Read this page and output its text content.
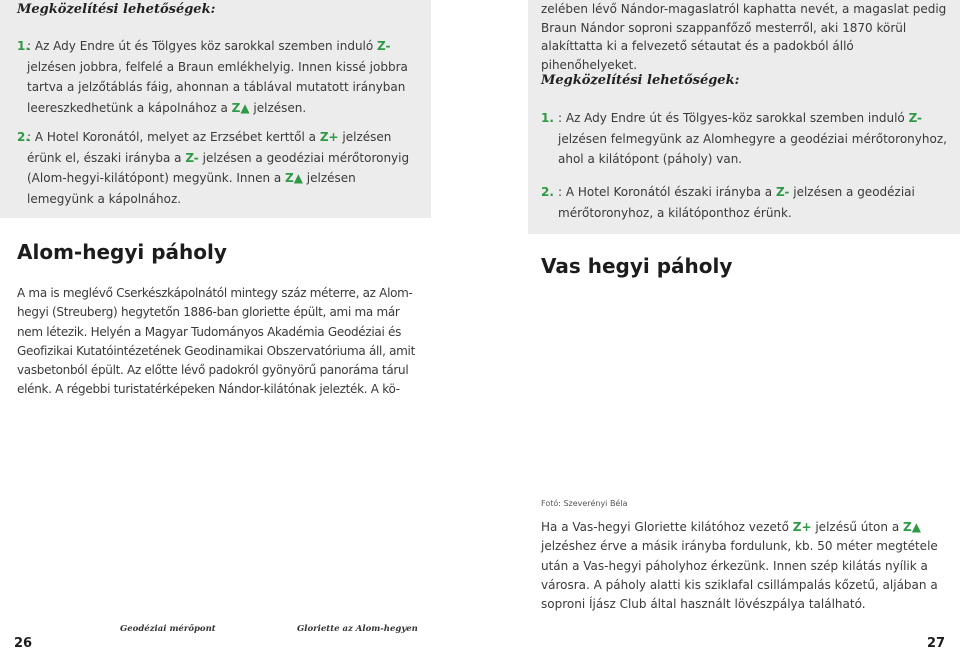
Megközelítési lehetőségek:
1.
: Az Ady Endre út és Tölgyes köz sarokkal szemben induló Z- jelzésen jobbra, felfelé a Braun emlékhelyig. Innen kissé jobbra tartva a jelzőtáblás fáig, ahonnan a táblával mutatott irányban leereszkedhetünk a kápolnához a Z▲ jelzésen.
2.
: A Hotel Koronától, melyet az Erzsébet kerttől a Z+ jelzésen érünk el, északi irányba a Z- jelzésen a geodéziai mérőtoronyig (Alom-hegyi-kilátópont) megyünk. Innen a Z▲ jelzésen lemegyünk a kápolnához.
Alom-hegyi páholy
A ma is meglévő Cserkészkápolnától mintegy száz méterre, az Alom-hegyi (Streuberg) hegytetőn 1886-ban gloriette épült, ami ma már nem létezik. Helyén a Magyar Tudományos Akadémia Geodéziai és Geofizikai Kutatóintézetének Geodinamikai Obszervatóriuma áll, amit vasbetonból épült. Az előtte lévő padokról gyönyörű panoráma tárul elénk. A régebbi turistatérképeken Nándor-kilátónak jelezték. A kö-
26
Geodéziai mérőpont	Gloriette az Alom-hegyen
zelében lévő Nándor-magaslatról kaphatta nevét, a magaslat pedig Braun Nándor soproni szappanfőző mesterről, aki 1870 körül alakíttatta ki a felvezető sétautat és a padokból álló pihenőhelyeket.
Megközelítési lehetőségek:
1. : Az Ady Endre út és Tölgyes-köz sarokkal szemben induló Z- jelzésen felmegyünk az Alomhegyre a geodéziai mérőtoronyhoz, ahol a kilátópont (páholy) van.
2. : A Hotel Koronától északi irányba a Z- jelzésen a geodéziai mérőtoronyhoz, a kilátóponthoz érünk.
Vas hegyi páholy
Fotó: Szeverényi Béla
Ha a Vas-hegyi Gloriette kilátóhoz vezető Z+ jelzésű úton a Z▲ jelzéshez érve a másik irányba fordulunk, kb. 50 méter megtétele után a Vas-hegyi páholyhoz érkezünk. Innen szép kilátás nyílik a városra. A páholy alatti kis sziklafal csillámpalás kőzetű, aljában a soproni Íjász Club által használt lövészpálya található.
27
